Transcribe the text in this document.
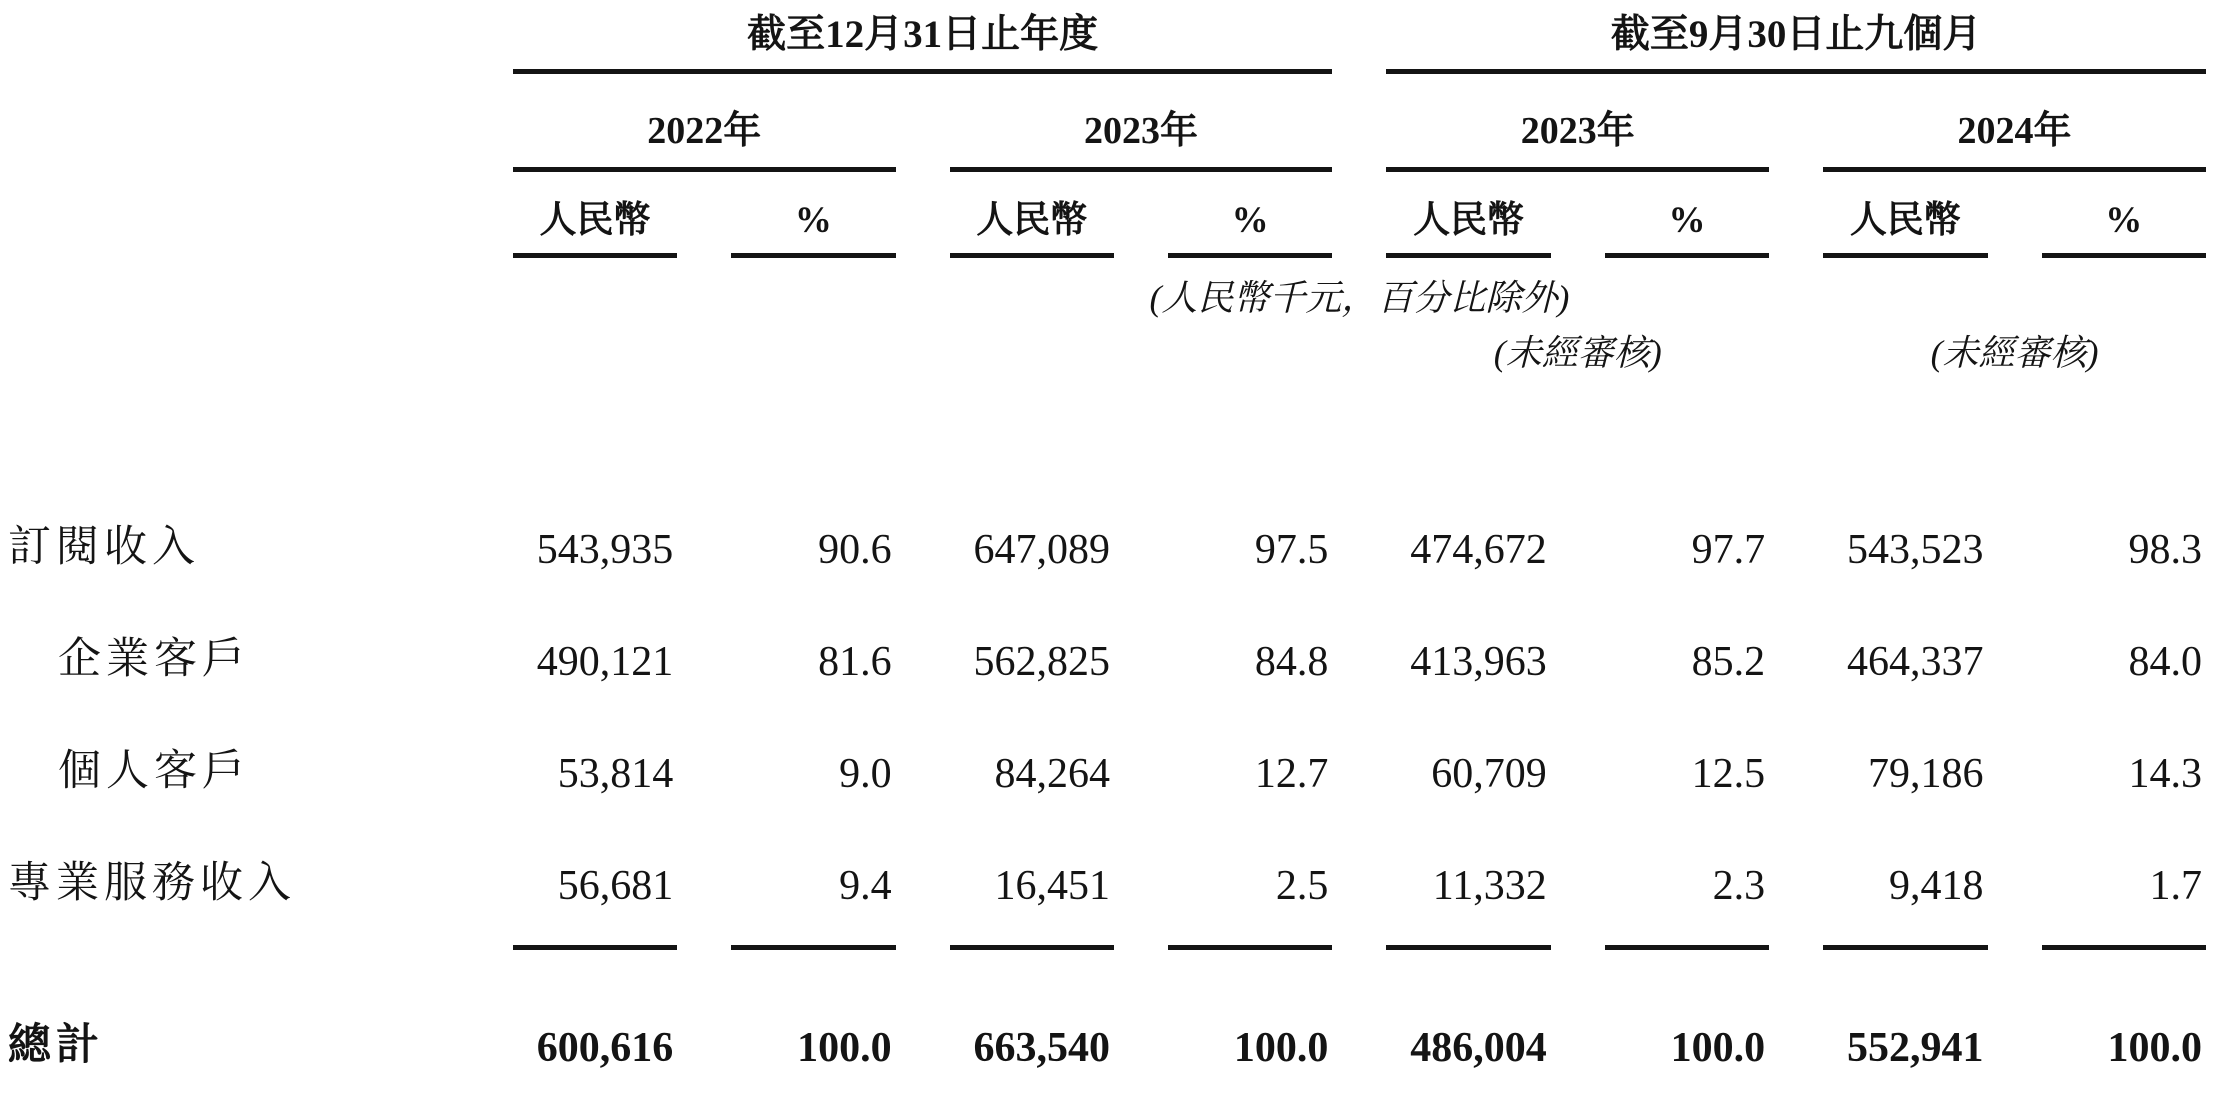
	截至12月31日止年度				截至9月30日止九個月			

	2022年		2023年		2023年		2024年	

	人民幣	%	人民幣	%	人民幣	%	人民幣	%

	(人民幣千元，百分比除外)							
					(未經審核)		(未經審核)	

訂閱收入	543,935	90.6	647,089	97.5	474,672	97.7	543,523	98.3
企業客戶	490,121	81.6	562,825	84.8	413,963	85.2	464,337	84.0
個人客戶	53,814	9.0	84,264	12.7	60,709	12.5	79,186	14.3
專業服務收入	56,681	9.4	16,451	2.5	11,332	2.3	9,418	1.7

總計	600,616	100.0	663,540	100.0	486,004	100.0	552,941	100.0
